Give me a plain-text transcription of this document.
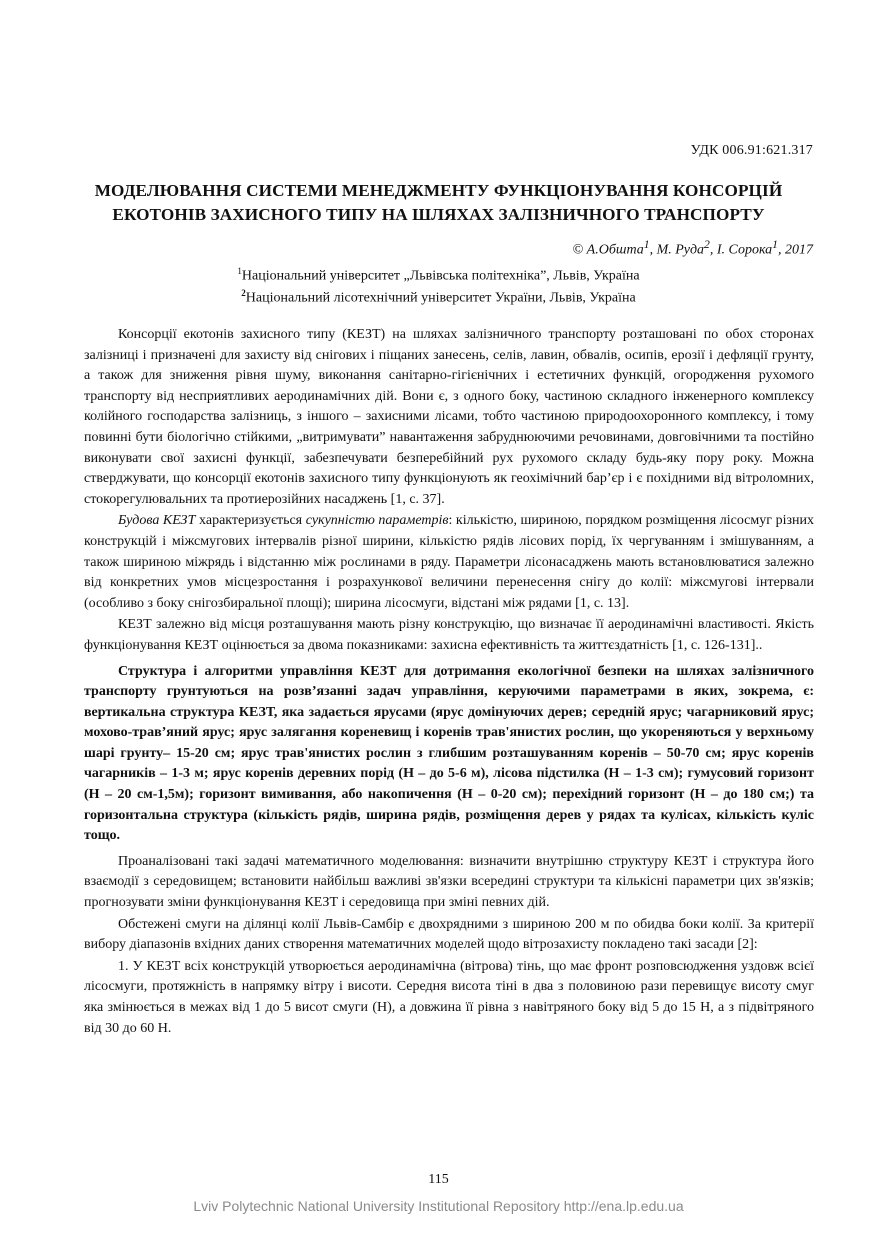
УДК 006.91:621.317
МОДЕЛЮВАННЯ СИСТЕМИ МЕНЕДЖМЕНТУ ФУНКЦІОНУВАННЯ КОНСОРЦІЙ
ЕКОТОНІВ ЗАХИСНОГО ТИПУ НА ШЛЯХАХ ЗАЛІЗНИЧНОГО ТРАНСПОРТУ
© А.Обшта$^1$, М. Руда$^2$, І. Сорока$^1$, 2017
$^1$Національний університет „Львівська політехніка”, Львів, Україна
$^2$Національний лісотехнічний університет України, Львів, Україна

Консорції екотонів захисного типу (КЕЗТ) на шляхах залізничного транспорту розташовані по обох сторонах залізниці і призначені для захисту від снігових і піщаних занесень, селів, лавин, обвалів, осипів, ерозії і дефляції грунту, а також для зниження рівня шуму, виконання санітарно-гігієнічних і естетичних функцій, огородження рухомого транспорту від несприятливих аеродинамічних дій. Вони є, з одного боку, частиною складного інженерного комплексу колійного господарства залізниць, з іншого – захисними лісами, тобто частиною природоохоронного комплексу, і тому повинні бути біологічно стійкими, „витримувати” навантаження забруднюючими речовинами, довговічними та постійно виконувати свої захисні функції, забезпечувати безперебійний рух рухомого складу будь-яку пору року. Можна стверджувати, що консорції екотонів захисного типу функціонують як геохімічний бар’єр і є похідними від вітроломних, стокорегулювальних та протиерозійних насаджень [1, с. 37].

Будова КЕЗТ характеризується сукупністю параметрів: кількістю, шириною, порядком розміщення лісосмуг різних конструкцій і міжсмугових інтервалів різної ширини, кількістю рядів лісових порід, їх чергуванням і змішуванням, а також шириною міжрядь і відстанню між рослинами в ряду. Параметри лісонасаджень мають встановлюватися залежно від конкретних умов місцезростання і розрахункової величини перенесення снігу до колії: міжсмугові інтервали (особливо з боку снігозбиральної площі); ширина лісосмуги, відстані між рядами [1, с. 13].

КЕЗТ залежно від місця розташування мають різну конструкцію, що визначає її аеродинамічні властивості. Якість функціонування КЕЗТ оцінюється за двома показниками: захисна ефективність та життєздатність [1, с. 126-131]..

Структура і алгоритми управління КЕЗТ для дотримання екологічної безпеки на шляхах залізничного транспорту грунтуються на розв’язанні задач управління, керуючими параметрами в яких, зокрема, є: вертикальна структура КЕЗТ, яка задається ярусами (ярус домінуючих дерев; середній ярус; чагарниковий ярус; мохово-трав’яний ярус; ярус залягання кореневищ і коренів трав'янистих рослин, що укореняються у верхньому шарі грунту– 15-20 см; ярус трав'янистих рослин з глибшим розташуванням коренів – 50-70 см; ярус коренів чагарників – 1-3 м; ярус коренів деревних порід (Н – до 5-6 м), лісова підстилка (Н – 1-3 см); гумусовий горизонт (Н – 20 см-1,5м); горизонт вимивання, або накопичення (Н – 0-20 см); перехідний горизонт (Н – до 180 см;) та горизонтальна структура (кількість рядів, ширина рядів, розміщення дерев у рядах та кулісах, кількість куліс тощо.

Проаналізовані такі задачі математичного моделювання: визначити внутрішню структуру КЕЗТ і структура його взаємодії з середовищем; встановити найбільш важливі зв'язки всередині структури та кількісні параметри цих зв'язків; прогнозувати зміни функціонування КЕЗТ і середовища при зміні певних дій.

Обстежені смуги на ділянці колії Львів-Самбір є двохрядними з шириною 200 м по обидва боки колії. За критерії вибору діапазонів вхідних даних створення математичних моделей щодо вітрозахисту покладено такі засади [2]:

1. У КЕЗТ всіх конструкцій утворюється аеродинамічна (вітрова) тінь, що має фронт розповсюдження уздовж всієї лісосмуги, протяжність в напрямку вітру і висоти. Середня висота тіні в два з половиною рази перевищує висоту смуг яка змінюється в межах від 1 до 5 висот смуги (Н), а довжина її рівна з навітряного боку від 5 до 15 Н, а з підвітряного від 30 до 60 Н.

115
Lviv Polytechnic National University Institutional Repository http://ena.lp.edu.ua
